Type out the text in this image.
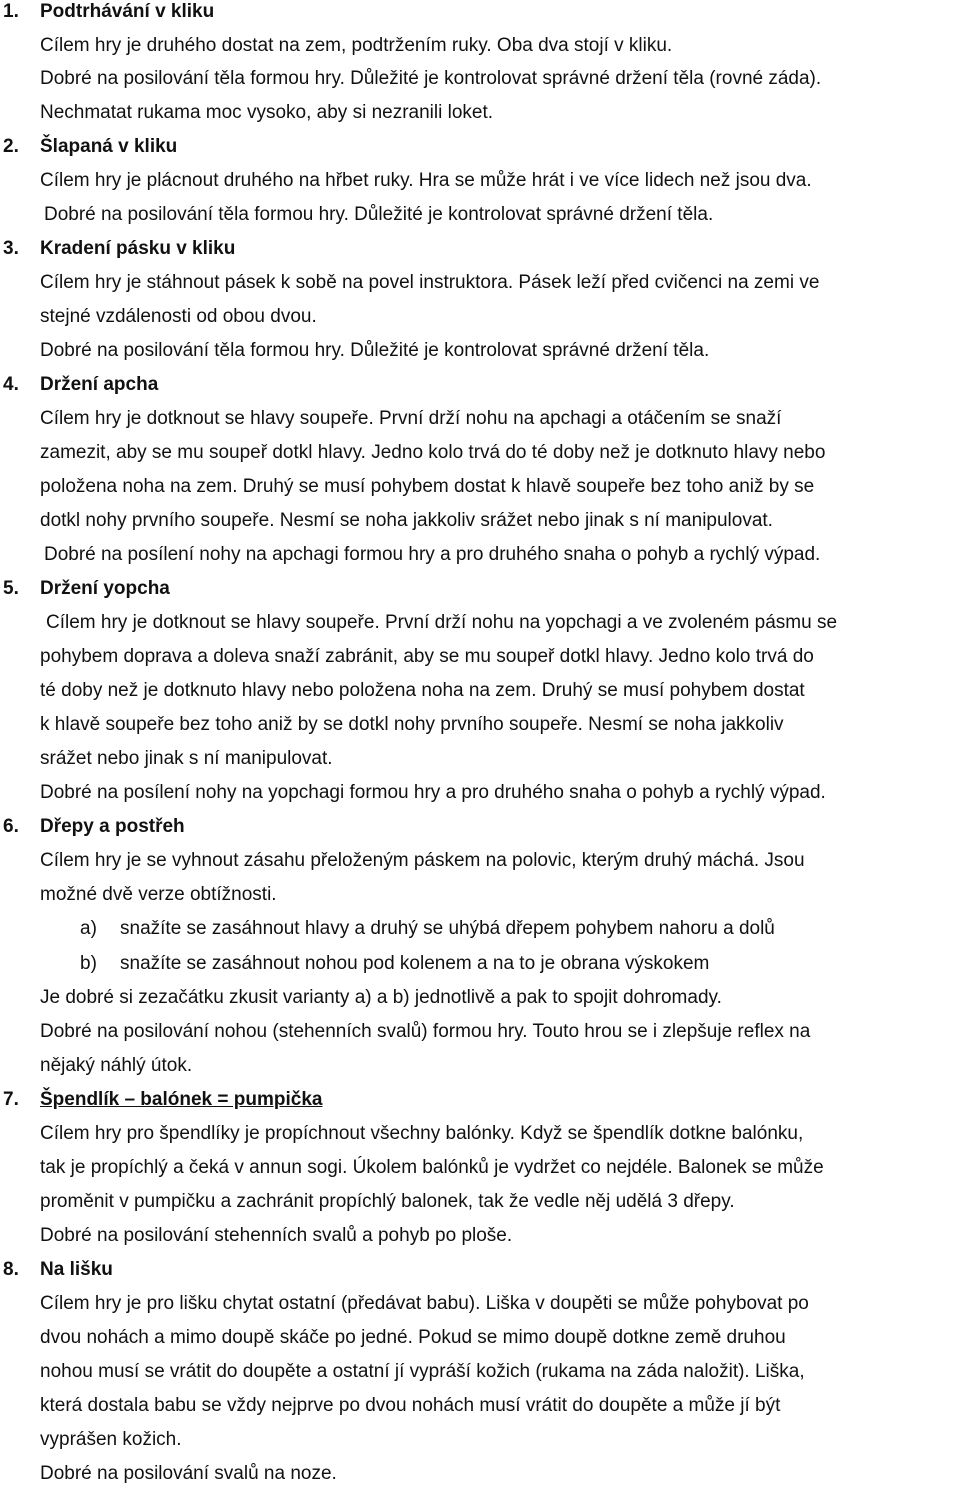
1. Podtrhávání v kliku
Cílem hry je druhého dostat na zem, podtržením ruky. Oba dva stojí v kliku.
Dobré na posilování těla formou hry. Důležité je kontrolovat správné držení těla (rovné záda).
Nechmatat rukama moc vysoko, aby si nezranili loket.
2. Šlapaná v kliku
Cílem hry je plácnout druhého na hřbet ruky. Hra se může hrát i ve více lidech než jsou dva.
Dobré na posilování těla formou hry. Důležité je kontrolovat správné držení těla.
3. Kradení pásku v kliku
Cílem hry je stáhnout pásek k sobě na povel instruktora. Pásek leží před cvičenci na zemi ve
stejné vzdálenosti od obou dvou.
Dobré na posilování těla formou hry. Důležité je kontrolovat správné držení těla.
4. Držení apcha
Cílem hry je dotknout se hlavy soupeře. První drží nohu na apchagi a otáčením se snaží
zamezit, aby se mu soupeř dotkl hlavy. Jedno kolo trvá do té doby než je dotknuto hlavy nebo
položena noha na zem. Druhý se musí pohybem dostat k hlavě soupeře bez toho aniž by se
dotkl nohy prvního soupeře. Nesmí se noha jakkoliv srážet nebo jinak s ní manipulovat.
Dobré na posílení nohy na apchagi formou hry a pro druhého snaha o pohyb a rychlý výpad.
5. Držení yopcha
Cílem hry je dotknout se hlavy soupeře. První drží nohu na yopchagi a ve zvoleném pásmu se
pohybem doprava a doleva snaží zabránit, aby se mu soupeř dotkl hlavy. Jedno kolo trvá do
té doby než je dotknuto hlavy nebo položena noha na zem. Druhý se musí pohybem dostat
k hlavě soupeře bez toho aniž by se dotkl nohy prvního soupeře. Nesmí se noha jakkoliv
srážet nebo jinak s ní manipulovat.
Dobré na posílení nohy na yopchagi formou hry a pro druhého snaha o pohyb a rychlý výpad.
6. Dřepy a postřeh
Cílem hry je se vyhnout zásahu přeloženým páskem na polovic, kterým druhý máchá. Jsou
možné dvě verze obtížnosti.
a) snažíte se zasáhnout hlavy a druhý se uhýbá dřepem pohybem nahoru a dolů
b) snažíte se zasáhnout nohou pod kolenem a na to je obrana výskokem
Je dobré si zezačátku zkusit varianty a) a b) jednotlivě a pak to spojit dohromady.
Dobré na posilování nohou (stehenních svalů) formou hry. Touto hrou se i zlepšuje reflex na
nějaký náhlý útok.
7. Špendlík – balónek = pumpička
Cílem hry pro špendlíky je propíchnout všechny balónky. Když se špendlík dotkne balónku,
tak je propíchlý a čeká v annun sogi. Úkolem balónků je vydržet co nejdéle. Balonek se může
proměnit v pumpičku a zachránit propíchlý balonek, tak že vedle něj udělá 3 dřepy.
Dobré na posilování stehenních svalů a pohyb po ploše.
8. Na lišku
Cílem hry je pro lišku chytat ostatní (předávat babu). Liška v doupěti se může pohybovat po
dvou nohách a mimo doupě skáče po jedné. Pokud se mimo doupě dotkne země druhou
nohou musí se vrátit do doupěte a ostatní jí vypráší kožich (rukama na záda naložit). Liška,
která dostala babu se vždy nejprve po dvou nohách musí vrátit do doupěte a může jí být
vyprášen kožich.
Dobré na posilování svalů na noze.
